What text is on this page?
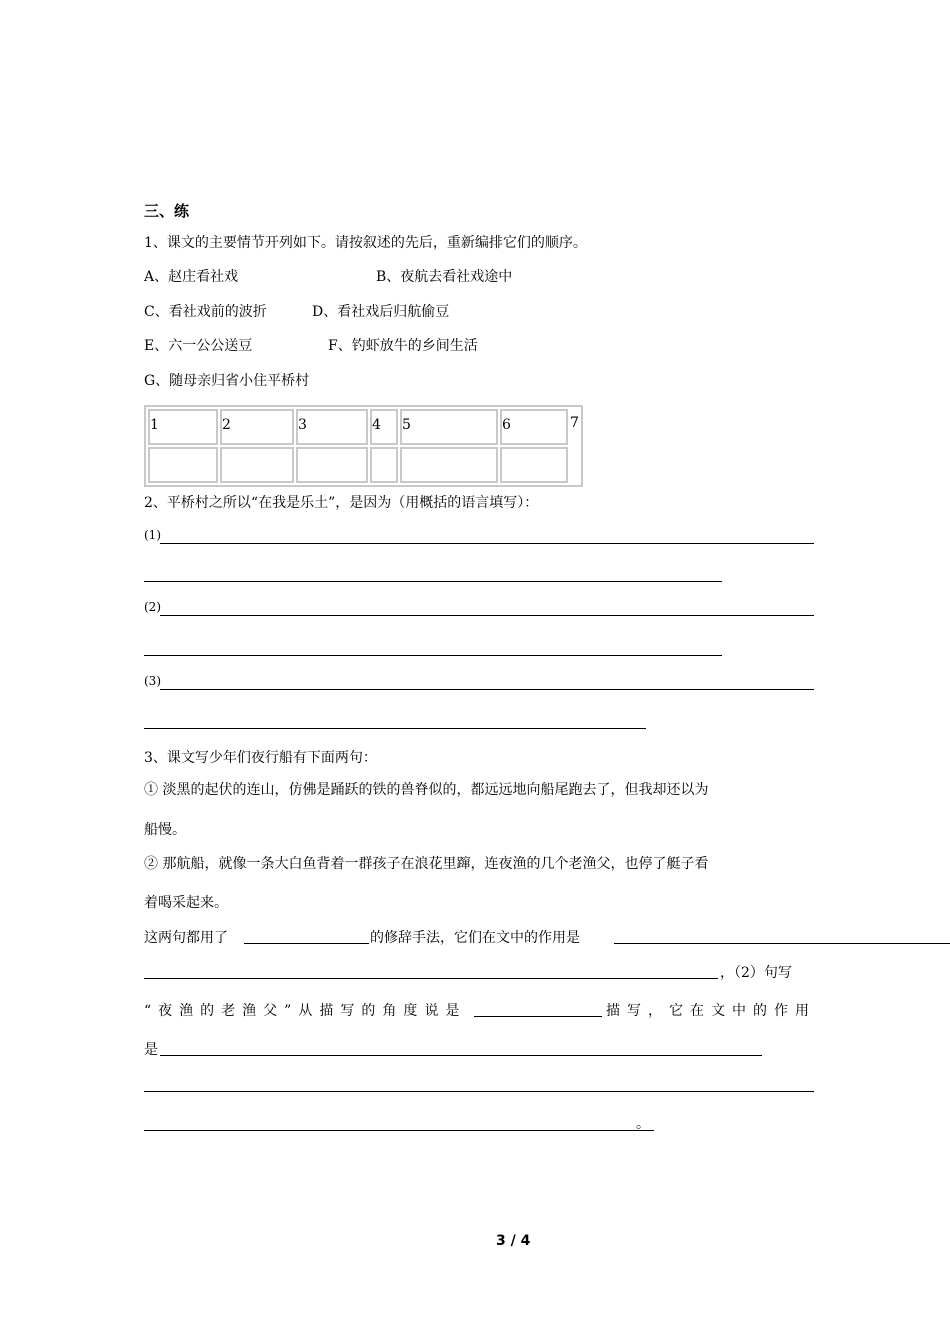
三、练
1、课文的主要情节开列如下。请按叙述的先后，重新编排它们的顺序。
A、赵庄看社戏	B、夜航去看社戏途中
C、看社戏前的波折	D、看社戏后归航偷豆
E、六一公公送豆	F、钓虾放牛的乡间生活
G、随母亲归省小住平桥村
1	2	3	4	5	6	7

2、平桥村之所以“在我是乐土”，是因为（用概括的语言填写）：
(1)
(2)
(3)
3、课文写少年们夜行船有下面两句：
① 淡黑的起伏的连山，仿佛是踊跃的铁的兽脊似的，都远远地向船尾跑去了，但我却还以为
船慢。
② 那航船，就像一条大白鱼背着一群孩子在浪花里蹿，连夜渔的几个老渔父，也停了艇子看
着喝采起来。
这两句都用了	的修辞手法，它们在文中的作用是
，（2）句写
“夜渔的老渔父”从描写的角度说是	描写，它在文中的作用
是
。
3 / 4
